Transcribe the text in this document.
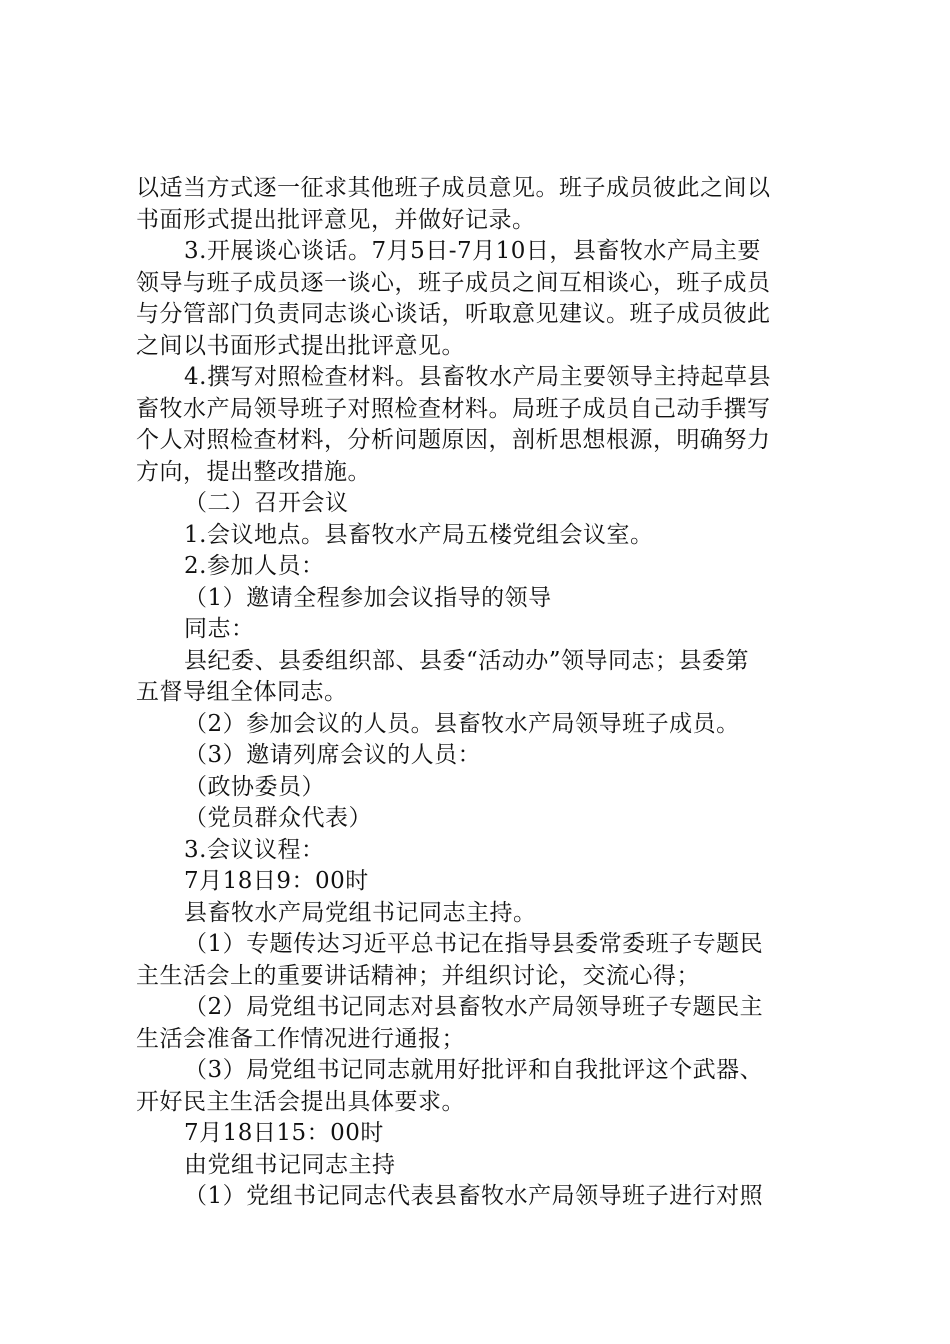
以适当方式逐一征求其他班子成员意见。班子成员彼此之间以
书面形式提出批评意见，并做好记录。
3.开展谈心谈话。7月5日-7月10日，县畜牧水产局主要
领导与班子成员逐一谈心，班子成员之间互相谈心，班子成员
与分管部门负责同志谈心谈话，听取意见建议。班子成员彼此
之间以书面形式提出批评意见。
4.撰写对照检查材料。县畜牧水产局主要领导主持起草县
畜牧水产局领导班子对照检查材料。局班子成员自己动手撰写
个人对照检查材料，分析问题原因，剖析思想根源，明确努力
方向，提出整改措施。
（二）召开会议
1.会议地点。县畜牧水产局五楼党组会议室。
2.参加人员：
（1）邀请全程参加会议指导的领导
同志：
县纪委、县委组织部、县委“活动办”领导同志；县委第
五督导组全体同志。
（2）参加会议的人员。县畜牧水产局领导班子成员。
（3）邀请列席会议的人员：
（政协委员）
（党员群众代表）
3.会议议程：
7月18日9：00时
县畜牧水产局党组书记同志主持。
（1）专题传达习近平总书记在指导县委常委班子专题民
主生活会上的重要讲话精神；并组织讨论，交流心得；
（2）局党组书记同志对县畜牧水产局领导班子专题民主
生活会准备工作情况进行通报；
（3）局党组书记同志就用好批评和自我批评这个武器、
开好民主生活会提出具体要求。
7月18日15：00时
由党组书记同志主持
（1）党组书记同志代表县畜牧水产局领导班子进行对照
